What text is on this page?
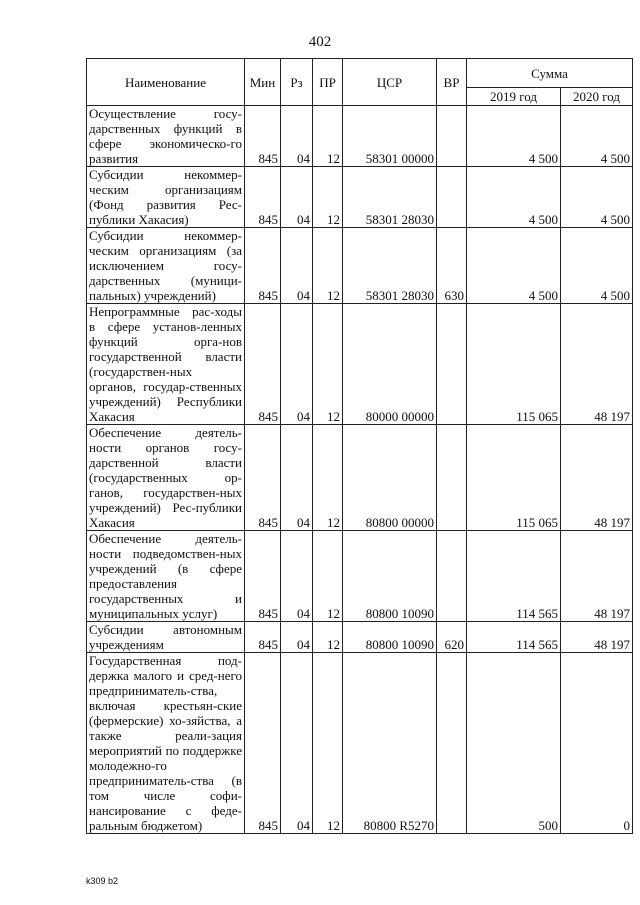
402
Наименование	Мин	Рз	ПР	ЦСР	ВР	Сумма	
						2019 год	2020 год
Осуществление госу-дарственных функций в сфере экономическо-го развития	845	04	12	58301 00000		4 500	4 500
Субсидии некоммер-ческим организациям (Фонд развития Рес-публики Хакасия)	845	04	12	58301 28030		4 500	4 500
Субсидии некоммер-ческим организациям (за исключением госу-дарственных (муници-пальных) учреждений)	845	04	12	58301 28030	630	4 500	4 500
Непрограммные рас-ходы в сфере установ-ленных функций орга-нов государственной власти (государствен-ных органов, государ-ственных учреждений) Республики Хакасия	845	04	12	80000 00000		115 065	48 197
Обеспечение деятель-ности органов госу-дарственной власти (государственных ор-ганов, государствен-ных учреждений) Рес-публики Хакасия	845	04	12	80800 00000		115 065	48 197
Обеспечение деятель-ности подведомствен-ных учреждений (в сфере предоставления государственных и муниципальных услуг)	845	04	12	80800 10090		114 565	48 197
Субсидии автономным учреждениям	845	04	12	80800 10090	620	114 565	48 197
Государственная под-держка малого и сред-него предприниматель-ства, включая крестьян-ские (фермерские) хо-зяйства, а также реали-зация мероприятий по поддержке молодежно-го предприниматель-ства (в том числе софи-нансирование с феде-ральным бюджетом)	845	04	12	80800 R5270		500	0
k309 b2
